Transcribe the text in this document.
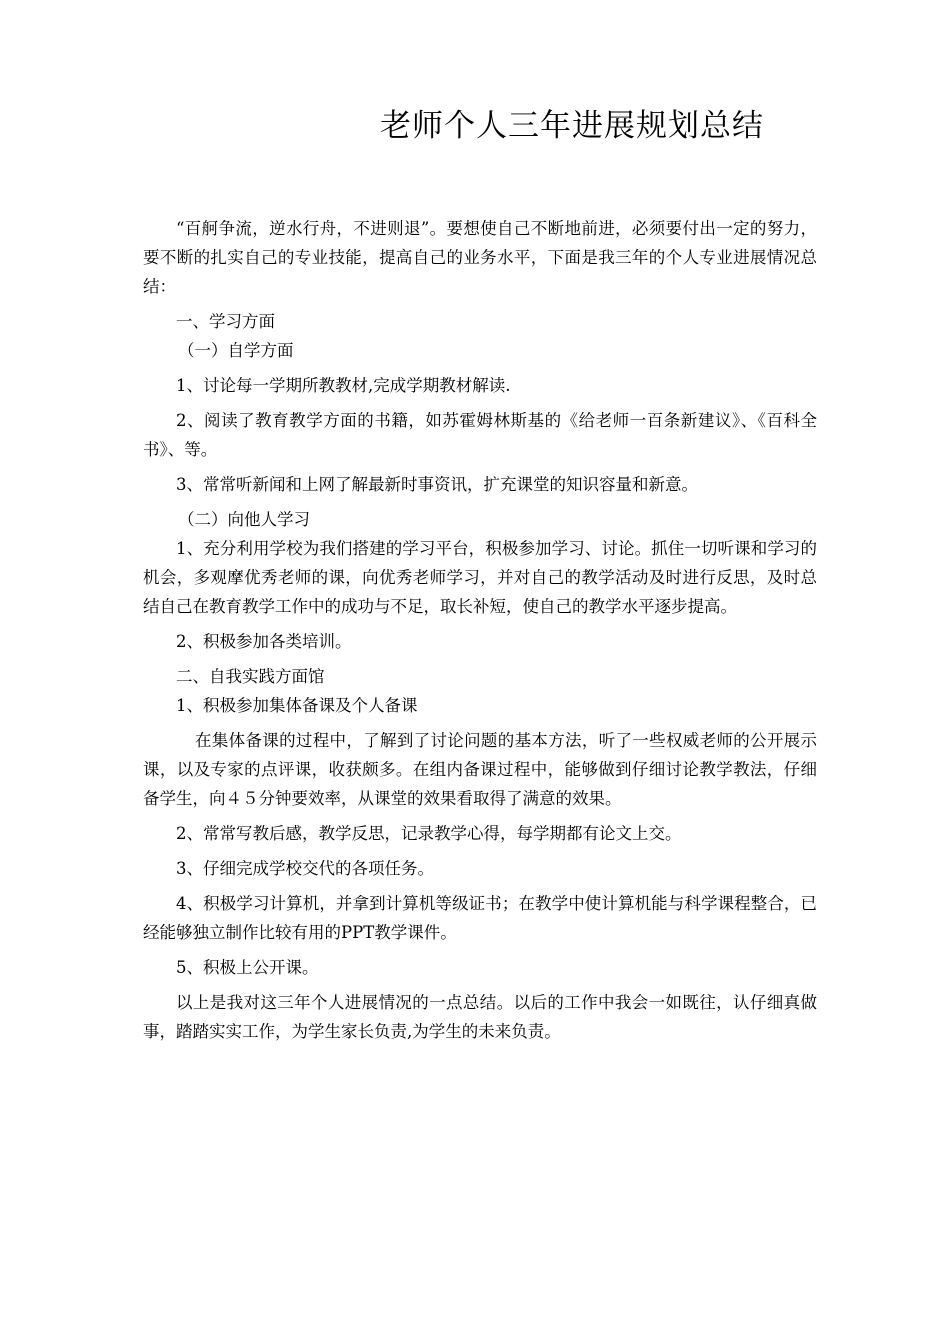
老师个人三年进展规划总结

“百舸争流，逆水行舟，不进则退”。要想使自己不断地前进，必须要付出一定的努力，要不断的扎实自己的专业技能，提高自己的业务水平，下面是我三年的个人专业进展情况总结：

一、学习方面

（一）自学方面

1、讨论每一学期所教教材,完成学期教材解读.

2、阅读了教育教学方面的书籍，如苏霍姆林斯基的《给老师一百条新建议》、《百科全书》、等。

3、常常听新闻和上网了解最新时事资讯，扩充课堂的知识容量和新意。

（二）向他人学习

1、充分利用学校为我们搭建的学习平台，积极参加学习、讨论。抓住一切听课和学习的机会，多观摩优秀老师的课，向优秀老师学习，并对自己的教学活动及时进行反思，及时总结自己在教育教学工作中的成功与不足，取长补短，使自己的教学水平逐步提高。

2、积极参加各类培训。

二、自我实践方面馆

1、积极参加集体备课及个人备课

在集体备课的过程中，了解到了讨论问题的基本方法，听了一些权威老师的公开展示课，以及专家的点评课，收获颇多。在组内备课过程中，能够做到仔细讨论教学教法，仔细备学生，向４５分钟要效率，从课堂的效果看取得了满意的效果。

2、常常写教后感，教学反思，记录教学心得，每学期都有论文上交。

3、仔细完成学校交代的各项任务。

4、积极学习计算机，并拿到计算机等级证书；在教学中使计算机能与科学课程整合，已经能够独立制作比较有用的PPT教学课件。

5、积极上公开课。

以上是我对这三年个人进展情况的一点总结。以后的工作中我会一如既往，认仔细真做事，踏踏实实工作，为学生家长负责,为学生的未来负责。
